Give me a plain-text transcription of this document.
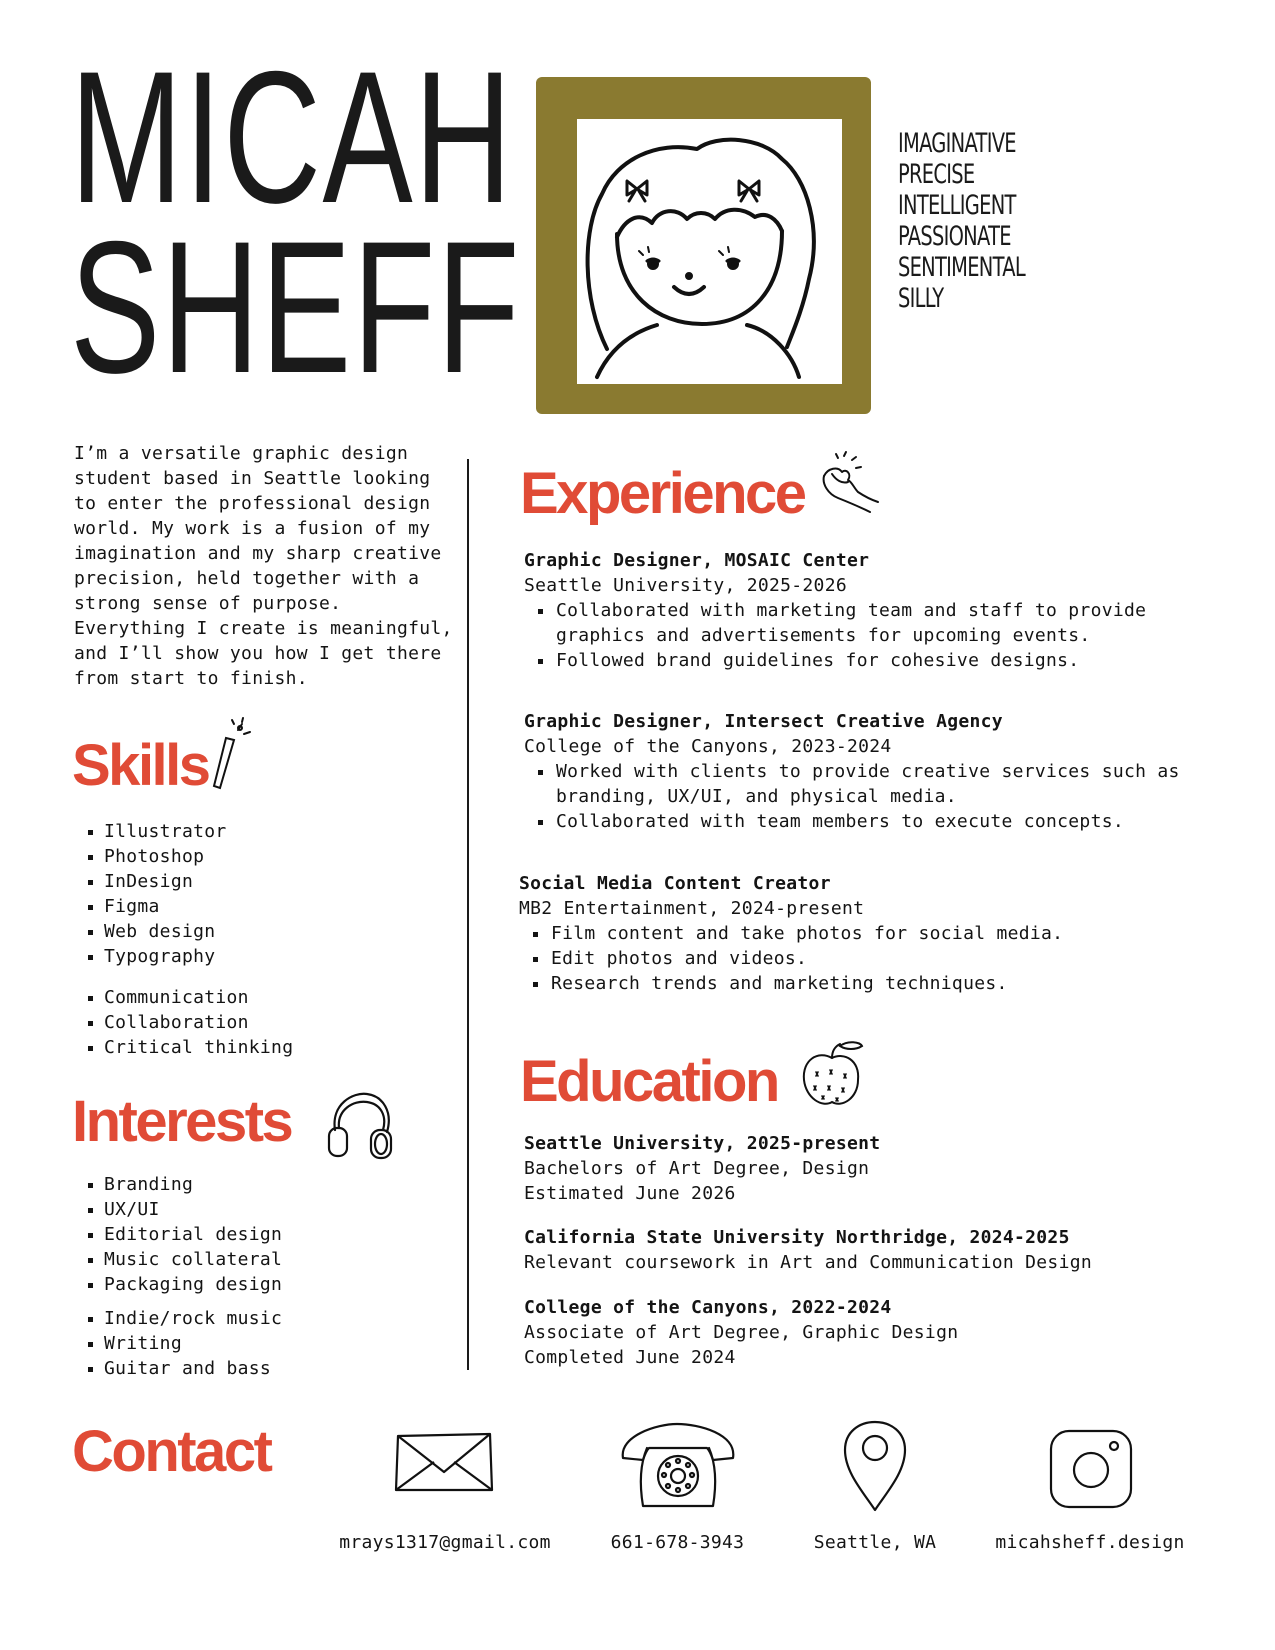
MICAH
SHEFF
IMAGINATIVE
PRECISE
INTELLIGENT
PASSIONATE
SENTIMENTAL
SILLY
I’m a versatile graphic design student based in Seattle looking to enter the professional design world. My work is a fusion of my imagination and my sharp creative precision, held together with a strong sense of purpose. Everything I create is meaningful, and I’ll show you how I get there from start to finish.
Skills
Illustrator
Photoshop
InDesign
Figma
Web design
Typography
Communication
Collaboration
Critical thinking
Interests
Branding
UX/UI
Editorial design
Music collateral
Packaging design
Indie/rock music
Writing
Guitar and bass
Experience
Graphic Designer, MOSAIC Center
Seattle University, 2025-2026
Collaborated with marketing team and staff to provide graphics and advertisements for upcoming events.
Followed brand guidelines for cohesive designs.
Graphic Designer, Intersect Creative Agency
College of the Canyons, 2023-2024
Worked with clients to provide creative services such as branding, UX/UI, and physical media.
Collaborated with team members to execute concepts.
Social Media Content Creator
MB2 Entertainment, 2024-present
Film content and take photos for social media.
Edit photos and videos.
Research trends and marketing techniques.
Education
Seattle University, 2025-present
Bachelors of Art Degree, Design
Estimated June 2026
California State University Northridge, 2024-2025
Relevant coursework in Art and Communication Design
College of the Canyons, 2022-2024
Associate of Art Degree, Graphic Design
Completed June 2024
Contact
mrays1317@gmail.com	661-678-3943	Seattle, WA	micahsheff.design
